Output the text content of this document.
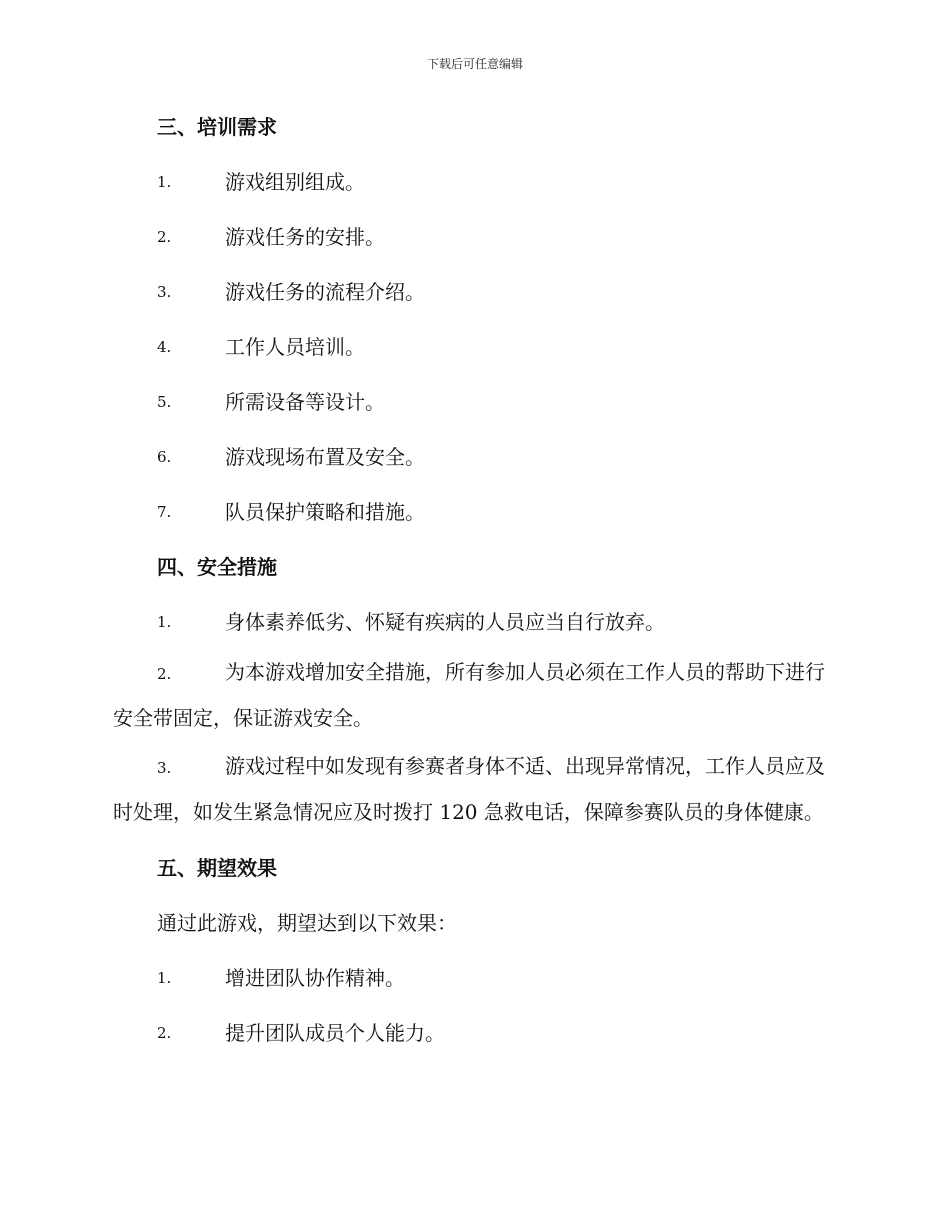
下载后可任意编辑

三、培训需求

1.	游戏组别组成。

2.	游戏任务的安排。

3.	游戏任务的流程介绍。

4.	工作人员培训。

5.	所需设备等设计。

6.	游戏现场布置及安全。

7.	队员保护策略和措施。

四、安全措施

1.	身体素养低劣、怀疑有疾病的人员应当自行放弃。

2.	为本游戏增加安全措施，所有参加人员必须在工作人员的帮助下进行安全带固定，保证游戏安全。

3.	游戏过程中如发现有参赛者身体不适、出现异常情况，工作人员应及时处理，如发生紧急情况应及时拨打 120 急救电话，保障参赛队员的身体健康。

五、期望效果

通过此游戏，期望达到以下效果：

1.	增进团队协作精神。

2.	提升团队成员个人能力。
